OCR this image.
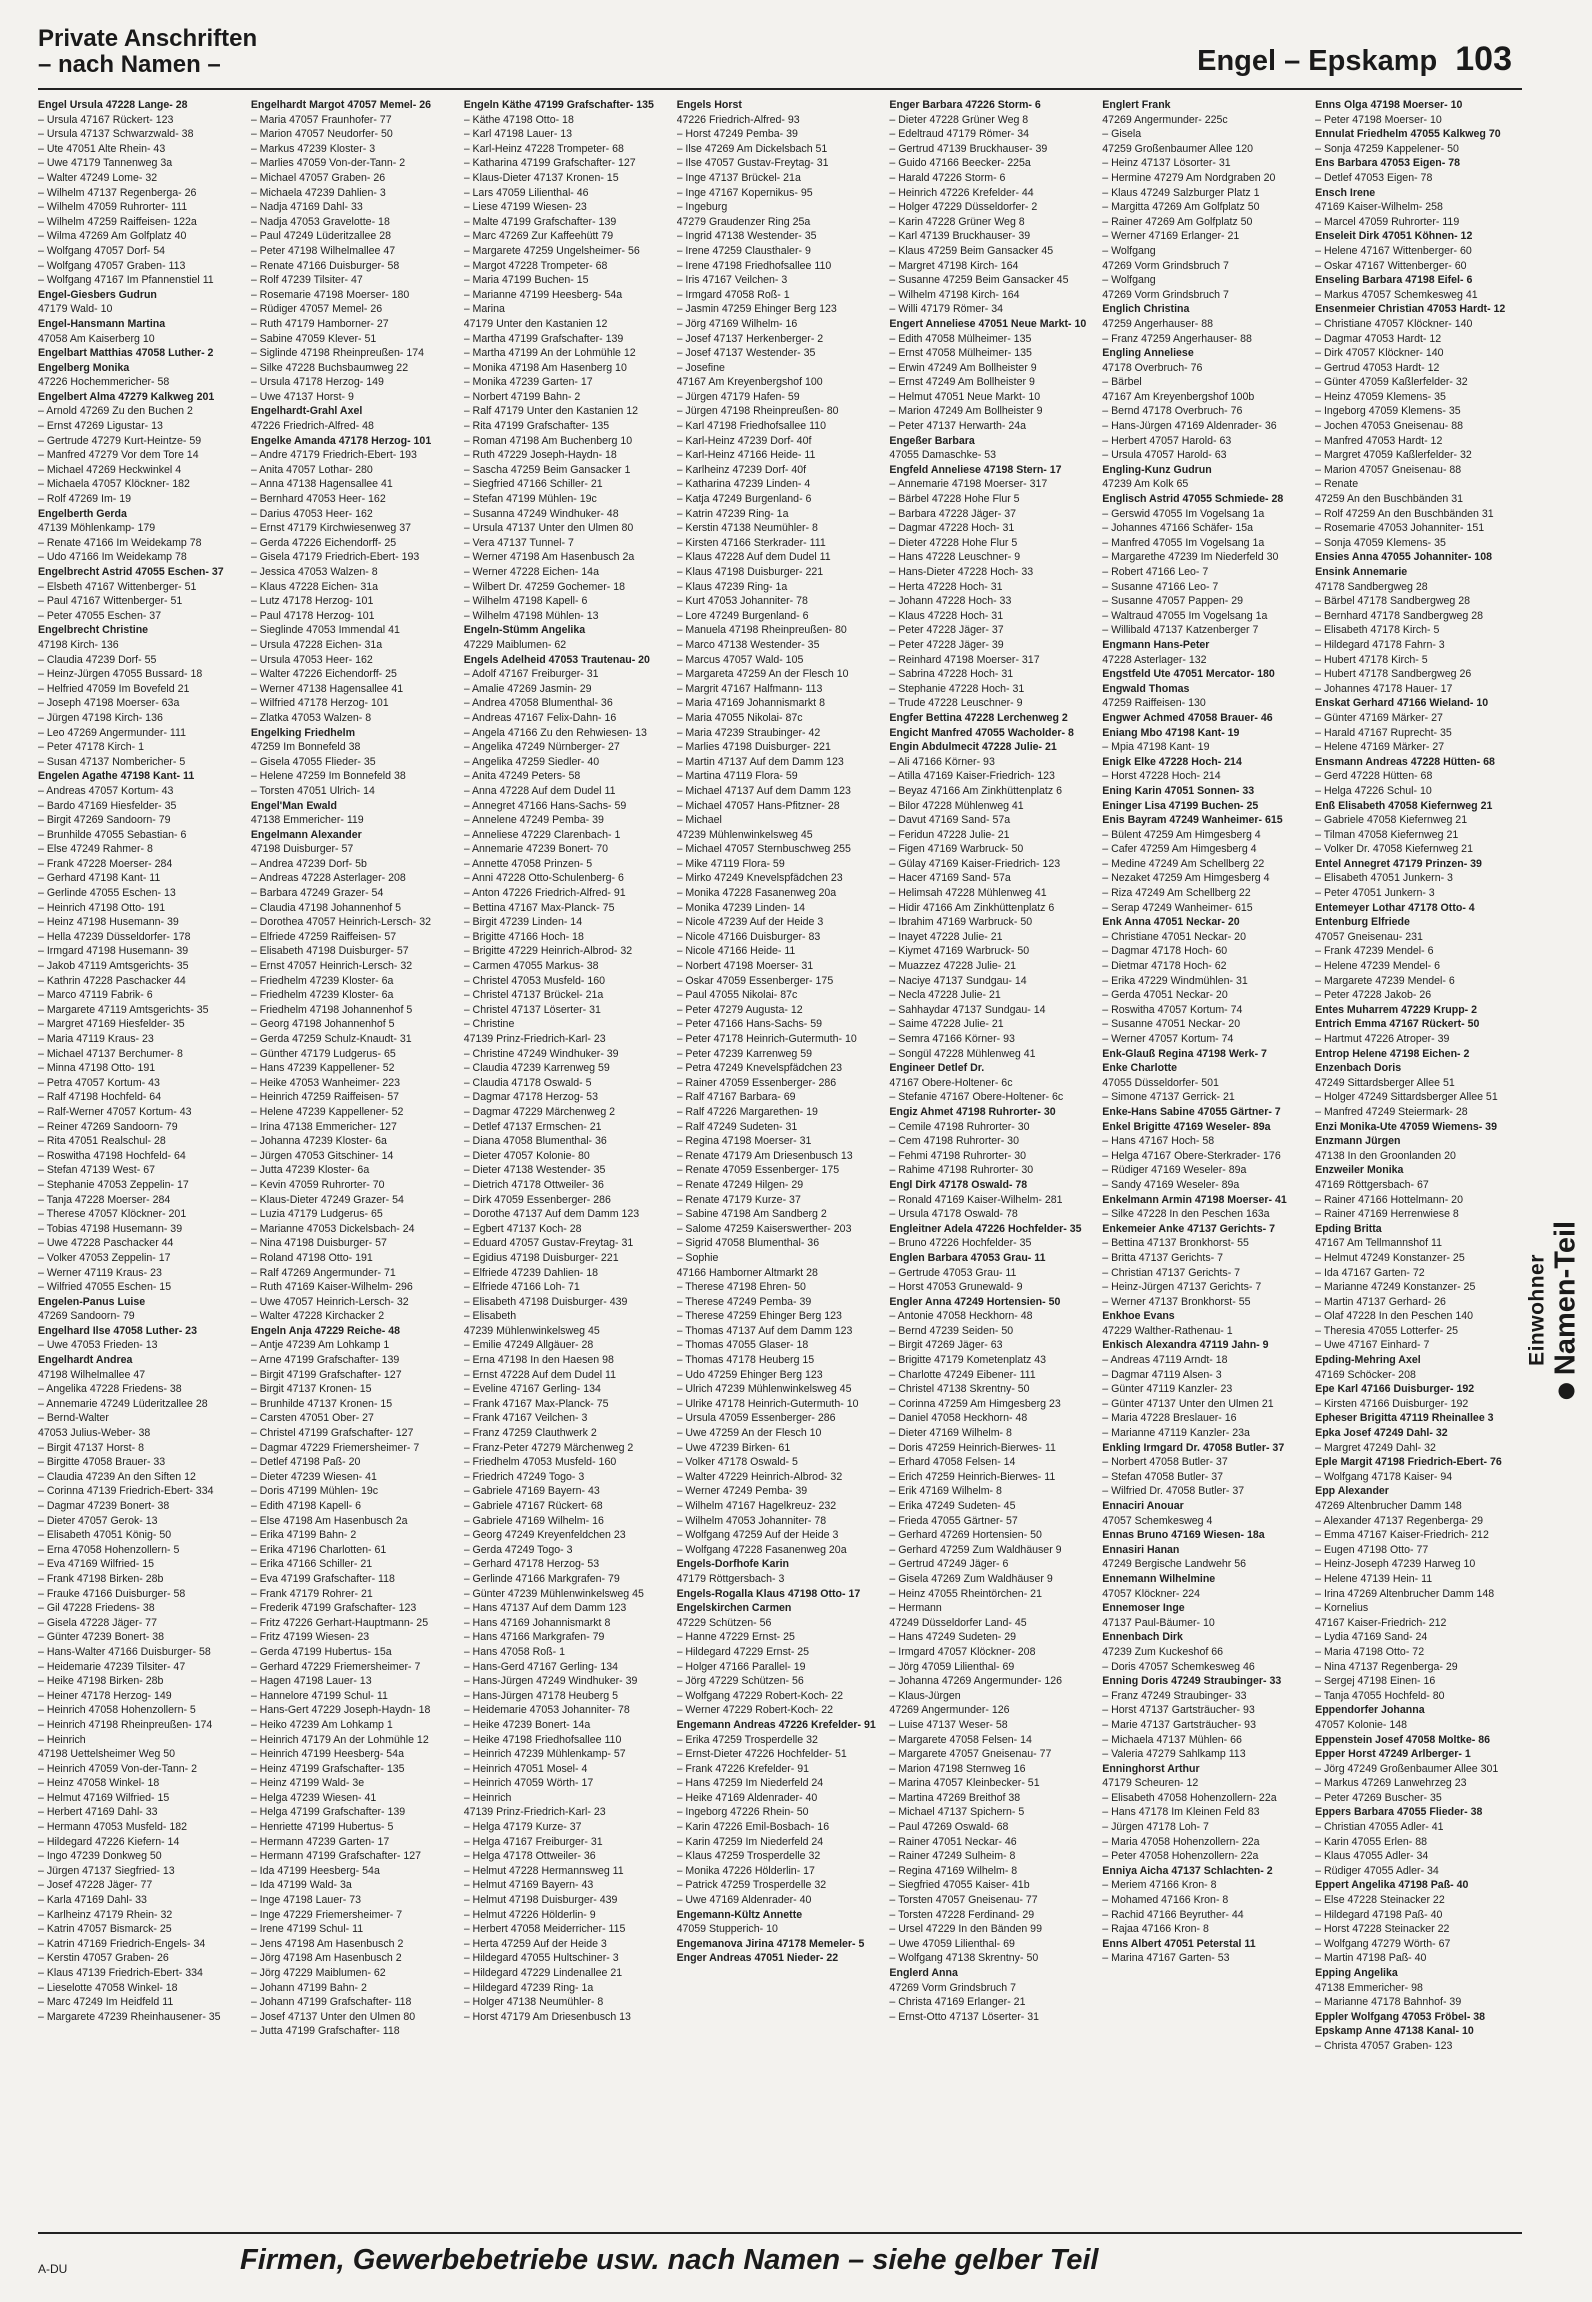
Private Anschriften
– nach Namen –	Engel – Epskamp 103
Engel Ursula 47228 Lange- 28
– Ursula 47167 Rückert- 123
– Ursula 47137 Schwarzwald- 38
– Ute 47051 Alte Rhein- 43
– Uwe 47179 Tannenweg 3a
– Walter 47249 Lome- 32
– Wilhelm 47137 Regenberga- 26
– Wilhelm 47059 Ruhrorter- 111
– Wilhelm 47259 Raiffeisen- 122a
– Wilma 47269 Am Golfplatz 40
– Wolfgang 47057 Dorf- 54
– Wolfgang 47057 Graben- 113
– Wolfgang 47167 Im Pfannenstiel 11
Engel-Giesbers Gudrun
47179 Wald- 10
Engel-Hansmann Martina
47058 Am Kaiserberg 10
Engelbart Matthias 47058 Luther- 2
Engelberg Monika
47226 Hochemmericher- 58
Engelbert Alma 47279 Kalkweg 201
– Arnold 47269 Zu den Buchen 2
– Ernst 47269 Ligustar- 13
– Gertrude 47279 Kurt-Heintze- 59
– Manfred 47279 Vor dem Tore 14
– Michael 47269 Heckwinkel 4
– Michaela 47057 Klöckner- 182
– Rolf 47269 Im- 19
Engelberth Gerda
47139 Möhlenkamp- 179
– Renate 47166 Im Weidekamp 78
– Udo 47166 Im Weidekamp 78
Engelbrecht Astrid 47055 Eschen- 37
– Elsbeth 47167 Wittenberger- 51
– Paul 47167 Wittenberger- 51
– Peter 47055 Eschen- 37
Engelbrecht Christine
47198 Kirch- 136
– Claudia 47239 Dorf- 55
– Heinz-Jürgen 47055 Bussard- 18
– Helfried 47059 Im Bovefeld 21
– Joseph 47198 Moerser- 63a
– Jürgen 47198 Kirch- 136
– Leo 47269 Angermunder- 111
– Peter 47178 Kirch- 1
– Susan 47137 Nombericher- 5
Engelen Agathe 47198 Kant- 11
– Andreas 47057 Kortum- 43
– Bardo 47169 Hiesfelder- 35
– Birgit 47269 Sandoorn- 79
– Brunhilde 47055 Sebastian- 6
– Else 47249 Rahmer- 8
– Frank 47228 Moerser- 284
– Gerhard 47198 Kant- 11
– Gerlinde 47055 Eschen- 13
– Heinrich 47198 Otto- 191
– Heinz 47198 Husemann- 39
– Hella 47239 Düsseldorfer- 178
– Irmgard 47198 Husemann- 39
– Jakob 47119 Amtsgerichts- 35
– Kathrin 47228 Paschacker 44
– Marco 47119 Fabrik- 6
– Margarete 47119 Amtsgerichts- 35
– Margret 47169 Hiesfelder- 35
– Maria 47119 Kraus- 23
– Michael 47137 Berchumer- 8
– Minna 47198 Otto- 191
– Petra 47057 Kortum- 43
– Ralf 47198 Hochfeld- 64
– Ralf-Werner 47057 Kortum- 43
– Reiner 47269 Sandoorn- 79
– Rita 47051 Realschul- 28
– Roswitha 47198 Hochfeld- 64
– Stefan 47139 West- 67
– Stephanie 47053 Zeppelin- 17
– Tanja 47228 Moerser- 284
– Therese 47057 Klöckner- 201
– Tobias 47198 Husemann- 39
– Uwe 47228 Paschacker 44
– Volker 47053 Zeppelin- 17
– Werner 47119 Kraus- 23
– Wilfried 47055 Eschen- 15
Engelen-Panus Luise
47269 Sandoorn- 79
Engelhard Ilse 47058 Luther- 23
– Uwe 47053 Frieden- 13
Engelhardt Andrea
47198 Wilhelmallee 47
– Angelika 47228 Friedens- 38
– Annemarie 47249 Lüderitzallee 28
– Bernd-Walter
47053 Julius-Weber- 38
– Birgit 47137 Horst- 8
– Birgitte 47058 Brauer- 33
– Claudia 47239 An den Siften 12
– Corinna 47139 Friedrich-Ebert- 334
– Dagmar 47239 Bonert- 38
– Dieter 47057 Gerok- 13
– Elisabeth 47051 König- 50
– Erna 47058 Hohenzollern- 5
– Eva 47169 Wilfried- 15
– Frank 47198 Birken- 28b
– Frauke 47166 Duisburger- 58
– Gil 47228 Friedens- 38
– Gisela 47228 Jäger- 77
– Günter 47239 Bonert- 38
– Hans-Walter 47166 Duisburger- 58
– Heidemarie 47239 Tilsiter- 47
– Heike 47198 Birken- 28b
– Heiner 47178 Herzog- 149
– Heinrich 47058 Hohenzollern- 5
– Heinrich 47198 Rheinpreußen- 174
– Heinrich
47198 Uettelsheimer Weg 50
– Heinrich 47059 Von-der-Tann- 2
– Heinz 47058 Winkel- 18
– Helmut 47169 Wilfried- 15
– Herbert 47169 Dahl- 33
– Hermann 47053 Musfeld- 182
– Hildegard 47226 Kiefern- 14
– Ingo 47239 Donkweg 50
– Jürgen 47137 Siegfried- 13
– Josef 47228 Jäger- 77
– Karla 47169 Dahl- 33
– Karlheinz 47179 Rhein- 32
– Katrin 47057 Bismarck- 25
– Katrin 47169 Friedrich-Engels- 34
– Kerstin 47057 Graben- 26
– Klaus 47139 Friedrich-Ebert- 334
– Lieselotte 47058 Winkel- 18
– Marc 47249 Im Heidfeld 11
– Margarete 47239 Rheinhausener- 35
Engelhardt Margot 47057 Memel- 26
– Maria 47057 Fraunhofer- 77
– Marion 47057 Neudorfer- 50
– Markus 47239 Kloster- 3
– Marlies 47059 Von-der-Tann- 2
– Michael 47057 Graben- 26
– Michaela 47239 Dahlien- 3
– Nadja 47169 Dahl- 33
– Nadja 47053 Gravelotte- 18
– Paul 47249 Lüderitzallee 28
– Peter 47198 Wilhelmallee 47
– Renate 47166 Duisburger- 58
– Rolf 47239 Tilsiter- 47
– Rosemarie 47198 Moerser- 180
– Rüdiger 47057 Memel- 26
– Ruth 47179 Hamborner- 27
– Sabine 47059 Klever- 51
– Siglinde 47198 Rheinpreußen- 174
– Silke 47228 Buchsbaumweg 22
– Ursula 47178 Herzog- 149
– Uwe 47137 Horst- 9
Engelhardt-Grahl Axel
47226 Friedrich-Alfred- 48
Engelke Amanda 47178 Herzog- 101
– Andre 47179 Friedrich-Ebert- 193
– Anita 47057 Lothar- 280
– Anna 47138 Hagensallee 41
– Bernhard 47053 Heer- 162
– Darius 47053 Heer- 162
– Ernst 47179 Kirchwiesenweg 37
– Gerda 47226 Eichendorff- 25
– Gisela 47179 Friedrich-Ebert- 193
– Jessica 47053 Walzen- 8
– Klaus 47228 Eichen- 31a
– Lutz 47178 Herzog- 101
– Paul 47178 Herzog- 101
– Sieglinde 47053 Immendal 41
– Ursula 47228 Eichen- 31a
– Ursula 47053 Heer- 162
– Walter 47226 Eichendorff- 25
– Werner 47138 Hagensallee 41
– Wilfried 47178 Herzog- 101
– Zlatka 47053 Walzen- 8
Engelking Friedhelm
47259 Im Bonnefeld 38
– Gisela 47055 Flieder- 35
– Helene 47259 Im Bonnefeld 38
– Torsten 47051 Ulrich- 14
Engel'Man Ewald
47138 Emmericher- 119
Engelmann Alexander
47198 Duisburger- 57
– Andrea 47239 Dorf- 5b
– Andreas 47228 Asterlager- 208
– Barbara 47249 Grazer- 54
– Claudia 47198 Johannenhof 5
– Dorothea 47057 Heinrich-Lersch- 32
– Elfriede 47259 Raiffeisen- 57
– Elisabeth 47198 Duisburger- 57
– Ernst 47057 Heinrich-Lersch- 32
– Friedhelm 47239 Kloster- 6a
– Friedhelm 47239 Kloster- 6a
– Friedhelm 47198 Johannenhof 5
– Georg 47198 Johannenhof 5
– Gerda 47259 Schulz-Knaudt- 31
– Günther 47179 Ludgerus- 65
– Hans 47239 Kappellener- 52
– Heike 47053 Wanheimer- 223
– Heinrich 47259 Raiffeisen- 57
– Helene 47239 Kappellener- 52
– Irina 47138 Emmericher- 127
– Johanna 47239 Kloster- 6a
– Jürgen 47053 Gitschiner- 14
– Jutta 47239 Kloster- 6a
– Kevin 47059 Ruhrorter- 70
– Klaus-Dieter 47249 Grazer- 54
– Luzia 47179 Ludgerus- 65
– Marianne 47053 Dickelsbach- 24
– Nina 47198 Duisburger- 57
– Roland 47198 Otto- 191
– Ralf 47269 Angermunder- 71
– Ruth 47169 Kaiser-Wilhelm- 296
– Uwe 47057 Heinrich-Lersch- 32
– Walter 47228 Kirchacker 2
Engeln Anja 47229 Reiche- 48
– Antje 47239 Am Lohkamp 1
– Arne 47199 Grafschafter- 139
– Birgit 47199 Grafschafter- 127
– Birgit 47137 Kronen- 15
– Brunhilde 47137 Kronen- 15
– Carsten 47051 Ober- 27
– Christel 47199 Grafschafter- 127
– Dagmar 47229 Friemersheimer- 7
– Detlef 47198 Paß- 20
– Dieter 47239 Wiesen- 41
– Doris 47199 Mühlen- 19c
– Edith 47198 Kapell- 6
– Else 47198 Am Hasenbusch 2a
– Erika 47199 Bahn- 2
– Erika 47196 Charlotten- 61
– Erika 47166 Schiller- 21
– Eva 47199 Grafschafter- 118
– Frank 47179 Rohrer- 21
– Frederik 47199 Grafschafter- 123
– Fritz 47226 Gerhart-Hauptmann- 25
– Fritz 47199 Wiesen- 23
– Gerda 47199 Hubertus- 15a
– Gerhard 47229 Friemersheimer- 7
– Hagen 47198 Lauer- 13
– Hannelore 47199 Schul- 11
– Hans-Gert 47229 Joseph-Haydn- 18
– Heiko 47239 Am Lohkamp 1
– Heinrich 47179 An der Lohmühle 12
– Heinrich 47199 Heesberg- 54a
– Heinz 47199 Grafschafter- 135
– Heinz 47199 Wald- 3e
– Helga 47239 Wiesen- 41
– Helga 47199 Grafschafter- 139
– Henriette 47199 Hubertus- 5
– Hermann 47239 Garten- 17
– Hermann 47199 Grafschafter- 127
– Ida 47199 Heesberg- 54a
– Ida 47199 Wald- 3a
– Inge 47198 Lauer- 73
– Inge 47229 Friemersheimer- 7
– Irene 47199 Schul- 11
– Jens 47198 Am Hasenbusch 2
– Jörg 47198 Am Hasenbusch 2
– Jörg 47229 Maiblumen- 62
– Johann 47199 Bahn- 2
– Johann 47199 Grafschafter- 118
– Josef 47137 Unter den Ulmen 80
– Jutta 47199 Grafschafter- 118
Engeln Käthe 47199 Grafschafter- 135
– Käthe 47198 Otto- 18
– Karl 47198 Lauer- 13
– Karl-Heinz 47228 Trompeter- 68
– Katharina 47199 Grafschafter- 127
– Klaus-Dieter 47137 Kronen- 15
– Lars 47059 Lilienthal- 46
– Liese 47199 Wiesen- 23
– Malte 47199 Grafschafter- 139
– Marc 47269 Zur Kaffeehütt 79
– Margarete 47259 Ungelsheimer- 56
– Margot 47228 Trompeter- 68
– Maria 47199 Buchen- 15
– Marianne 47199 Heesberg- 54a
– Marina
47179 Unter den Kastanien 12
– Martha 47199 Grafschafter- 139
– Martha 47199 An der Lohmühle 12
– Monika 47198 Am Hasenberg 10
– Monika 47239 Garten- 17
– Norbert 47199 Bahn- 2
– Ralf 47179 Unter den Kastanien 12
– Rita 47199 Grafschafter- 135
– Roman 47198 Am Buchenberg 10
– Ruth 47229 Joseph-Haydn- 18
– Sascha 47259 Beim Gansacker 1
– Siegfried 47166 Schiller- 21
– Stefan 47199 Mühlen- 19c
– Susanna 47249 Windhuker- 48
– Ursula 47137 Unter den Ulmen 80
– Vera 47137 Tunnel- 7
– Werner 47198 Am Hasenbusch 2a
– Werner 47228 Eichen- 14a
– Wilbert Dr. 47259 Gochemer- 18
– Wilhelm 47198 Kapell- 6
– Wilhelm 47198 Mühlen- 13
Engeln-Stümm Angelika
47229 Maiblumen- 62
Engels Adelheid 47053 Trautenau- 20
– Adolf 47167 Freiburger- 31
– Amalie 47269 Jasmin- 29
– Andrea 47058 Blumenthal- 36
– Andreas 47167 Felix-Dahn- 16
– Angela 47166 Zu den Rehwiesen- 13
– Angelika 47249 Nürnberger- 27
– Angelika 47259 Siedler- 40
– Anita 47249 Peters- 58
– Anna 47228 Auf dem Dudel 11
– Annegret 47166 Hans-Sachs- 59
– Annelene 47249 Pemba- 39
– Anneliese 47229 Clarenbach- 1
– Annemarie 47239 Bonert- 70
– Annette 47058 Prinzen- 5
– Anni 47228 Otto-Schulenberg- 6
– Anton 47226 Friedrich-Alfred- 91
– Bettina 47167 Max-Planck- 75
– Birgit 47239 Linden- 14
– Brigitte 47166 Hoch- 18
– Brigitte 47229 Heinrich-Albrod- 32
– Carmen 47055 Markus- 38
– Christel 47053 Musfeld- 160
– Christel 47137 Brückel- 21a
– Christel 47137 Löserter- 31
– Christine
47139 Prinz-Friedrich-Karl- 23
– Christine 47249 Windhuker- 39
– Claudia 47239 Karrenweg 59
– Claudia 47178 Oswald- 5
– Dagmar 47178 Herzog- 53
– Dagmar 47229 Märchenweg 2
– Detlef 47137 Ermschen- 21
– Diana 47058 Blumenthal- 36
– Dieter 47057 Kolonie- 80
– Dieter 47138 Westender- 35
– Dietrich 47178 Ottweiler- 36
– Dirk 47059 Essenberger- 286
– Dorothe 47137 Auf dem Damm 123
– Egbert 47137 Koch- 28
– Eduard 47057 Gustav-Freytag- 31
– Egidius 47198 Duisburger- 221
– Elfriede 47239 Dahlien- 18
– Elfriede 47166 Loh- 71
– Elisabeth 47198 Duisburger- 439
– Elisabeth
47239 Mühlenwinkelsweg 45
– Emilie 47249 Allgäuer- 28
– Erna 47198 In den Haesen 98
– Ernst 47228 Auf dem Dudel 11
– Eveline 47167 Gerling- 134
– Frank 47167 Max-Planck- 75
– Frank 47167 Veilchen- 3
– Franz 47259 Clauthwerk 2
– Franz-Peter 47279 Märchenweg 2
– Friedhelm 47053 Musfeld- 160
– Friedrich 47249 Togo- 3
– Gabriele 47169 Bayern- 43
– Gabriele 47167 Rückert- 68
– Gabriele 47169 Wilhelm- 16
– Georg 47249 Kreyenfeldchen 23
– Gerda 47249 Togo- 3
– Gerhard 47178 Herzog- 53
– Gerlinde 47166 Markgrafen- 79
– Günter 47239 Mühlenwinkelsweg 45
– Hans 47137 Auf dem Damm 123
– Hans 47169 Johannismarkt 8
– Hans 47166 Markgrafen- 79
– Hans 47058 Roß- 1
– Hans-Gerd 47167 Gerling- 134
– Hans-Jürgen 47249 Windhuker- 39
– Hans-Jürgen 47178 Heuberg 5
– Heidemarie 47053 Johanniter- 78
– Heike 47239 Bonert- 14a
– Heike 47198 Friedhofsallee 110
– Heinrich 47239 Mühlenkamp- 57
– Heinrich 47051 Mosel- 4
– Heinrich 47059 Wörth- 17
– Heinrich
47139 Prinz-Friedrich-Karl- 23
– Helga 47179 Kurze- 37
– Helga 47167 Freiburger- 31
– Helga 47178 Ottweiler- 36
– Helmut 47228 Hermannsweg 11
– Helmut 47169 Bayern- 43
– Helmut 47198 Duisburger- 439
– Helmut 47226 Hölderlin- 9
– Herbert 47058 Meiderricher- 115
– Herta 47259 Auf der Heide 3
– Hildegard 47055 Hultschiner- 3
– Hildegard 47229 Lindenallee 21
– Hildegard 47239 Ring- 1a
– Holger 47138 Neumühler- 8
– Horst 47179 Am Driesenbusch 13
Engels Horst
47226 Friedrich-Alfred- 93
– Horst 47249 Pemba- 39
– Ilse 47269 Am Dickelsbach 51
– Ilse 47057 Gustav-Freytag- 31
– Inge 47137 Brückel- 21a
– Inge 47167 Kopernikus- 95
– Ingeburg
47279 Graudenzer Ring 25a
– Ingrid 47138 Westender- 35
– Irene 47259 Clausthaler- 9
– Irene 47198 Friedhofsallee 110
– Iris 47167 Veilchen- 3
– Irmgard 47058 Roß- 1
– Jasmin 47259 Ehinger Berg 123
– Jörg 47169 Wilhelm- 16
– Josef 47137 Herkenberger- 2
– Josef 47137 Westender- 35
– Josefine
47167 Am Kreyenbergshof 100
– Jürgen 47179 Hafen- 59
– Jürgen 47198 Rheinpreußen- 80
– Karl 47198 Friedhofsallee 110
– Karl-Heinz 47239 Dorf- 40f
– Karl-Heinz 47166 Heide- 11
– Karlheinz 47239 Dorf- 40f
– Katharina 47239 Linden- 4
– Katja 47249 Burgenland- 6
– Katrin 47239 Ring- 1a
– Kerstin 47138 Neumühler- 8
– Kirsten 47166 Sterkrader- 111
– Klaus 47228 Auf dem Dudel 11
– Klaus 47198 Duisburger- 221
– Klaus 47239 Ring- 1a
– Kurt 47053 Johanniter- 78
– Lore 47249 Burgenland- 6
– Manuela 47198 Rheinpreußen- 80
– Marco 47138 Westender- 35
– Marcus 47057 Wald- 105
– Margareta 47259 An der Flesch 10
– Margrit 47167 Halfmann- 113
– Maria 47169 Johannismarkt 8
– Maria 47055 Nikolai- 87c
– Maria 47239 Straubinger- 42
– Marlies 47198 Duisburger- 221
– Martin 47137 Auf dem Damm 123
– Martina 47119 Flora- 59
– Michael 47137 Auf dem Damm 123
– Michael 47057 Hans-Pfitzner- 28
– Michael
47239 Mühlenwinkelsweg 45
– Michael 47057 Sternbuschweg 255
– Mike 47119 Flora- 59
– Mirko 47249 Knevelspfädchen 23
– Monika 47228 Fasanenweg 20a
– Monika 47239 Linden- 14
– Nicole 47239 Auf der Heide 3
– Nicole 47166 Duisburger- 83
– Nicole 47166 Heide- 11
– Norbert 47198 Moerser- 31
– Oskar 47059 Essenberger- 175
– Paul 47055 Nikolai- 87c
– Peter 47279 Augusta- 12
– Peter 47166 Hans-Sachs- 59
– Peter 47178 Heinrich-Gutermuth- 10
– Peter 47239 Karrenweg 59
– Petra 47249 Knevelspfädchen 23
– Rainer 47059 Essenberger- 286
– Ralf 47167 Barbara- 69
– Ralf 47226 Margarethen- 19
– Ralf 47249 Sudeten- 31
– Regina 47198 Moerser- 31
– Renate 47179 Am Driesenbusch 13
– Renate 47059 Essenberger- 175
– Renate 47249 Hilgen- 29
– Renate 47179 Kurze- 37
– Sabine 47198 Am Sandberg 2
– Salome 47259 Kaiserswerther- 203
– Sigrid 47058 Blumenthal- 36
– Sophie
47166 Hamborner Altmarkt 28
– Therese 47198 Ehren- 50
– Therese 47249 Pemba- 39
– Therese 47259 Ehinger Berg 123
– Thomas 47137 Auf dem Damm 123
– Thomas 47055 Glaser- 18
– Thomas 47178 Heuberg 15
– Udo 47259 Ehinger Berg 123
– Ulrich 47239 Mühlenwinkelsweg 45
– Ulrike 47178 Heinrich-Gutermuth- 10
– Ursula 47059 Essenberger- 286
– Uwe 47259 An der Flesch 10
– Uwe 47239 Birken- 61
– Volker 47178 Oswald- 5
– Walter 47229 Heinrich-Albrod- 32
– Werner 47249 Pemba- 39
– Wilhelm 47167 Hagelkreuz- 232
– Wilhelm 47053 Johanniter- 78
– Wolfgang 47259 Auf der Heide 3
– Wolfgang 47228 Fasanenweg 20a
Engels-Dorfhofe Karin
47179 Röttgersbach- 3
Engels-Rogalla Klaus 47198 Otto- 17
Engelskirchen Carmen
47229 Schützen- 56
– Hanne 47229 Ernst- 25
– Hildegard 47229 Ernst- 25
– Holger 47166 Parallel- 19
– Jörg 47229 Schützen- 56
– Wolfgang 47229 Robert-Koch- 22
– Werner 47229 Robert-Koch- 22
Engemann Andreas 47226 Krefelder- 91
– Erika 47259 Trosperdelle 32
– Ernst-Dieter 47226 Hochfelder- 51
– Frank 47226 Krefelder- 91
– Hans 47259 Im Niederfeld 24
– Heike 47169 Aldenrader- 40
– Ingeborg 47226 Rhein- 50
– Karin 47226 Emil-Bosbach- 16
– Karin 47259 Im Niederfeld 24
– Klaus 47259 Trosperdelle 32
– Monika 47226 Hölderlin- 17
– Patrick 47259 Trosperdelle 32
– Uwe 47169 Aldenrader- 40
Engemann-Kültz Annette
47059 Stupperich- 10
Engemanova Jirina 47178 Memeler- 5
Enger Andreas 47051 Nieder- 22
Enger Barbara 47226 Storm- 6
– Dieter 47228 Grüner Weg 8
– Edeltraud 47179 Römer- 34
– Gertrud 47139 Bruckhauser- 39
– Guido 47166 Beecker- 225a
– Harald 47226 Storm- 6
– Heinrich 47226 Krefelder- 44
– Holger 47229 Düsseldorfer- 2
– Karin 47228 Grüner Weg 8
– Karl 47139 Bruckhauser- 39
– Klaus 47259 Beim Gansacker 45
– Margret 47198 Kirch- 164
– Susanne 47259 Beim Gansacker 45
– Wilhelm 47198 Kirch- 164
– Willi 47179 Römer- 34
Engert Anneliese 47051 Neue Markt- 10
– Edith 47058 Mülheimer- 135
– Ernst 47058 Mülheimer- 135
– Erwin 47249 Am Bollheister 9
– Ernst 47249 Am Bollheister 9
– Helmut 47051 Neue Markt- 10
– Marion 47249 Am Bollheister 9
– Peter 47137 Herwarth- 24a
Engeßer Barbara
47055 Damaschke- 53
Engfeld Anneliese 47198 Stern- 17
– Annemarie 47198 Moerser- 317
– Bärbel 47228 Hohe Flur 5
– Barbara 47228 Jäger- 37
– Dagmar 47228 Hoch- 31
– Dieter 47228 Hohe Flur 5
– Hans 47228 Leuschner- 9
– Hans-Dieter 47228 Hoch- 33
– Herta 47228 Hoch- 31
– Johann 47228 Hoch- 33
– Klaus 47228 Hoch- 31
– Peter 47228 Jäger- 37
– Peter 47228 Jäger- 39
– Reinhard 47198 Moerser- 317
– Sabrina 47228 Hoch- 31
– Stephanie 47228 Hoch- 31
– Trude 47228 Leuschner- 9
Engfer Bettina 47228 Lerchenweg 2
Engicht Manfred 47055 Wacholder- 8
Engin Abdulmecit 47228 Julie- 21
– Ali 47166 Körner- 93
– Atilla 47169 Kaiser-Friedrich- 123
– Beyaz 47166 Am Zinkhüttenplatz 6
– Bilor 47228 Mühlenweg 41
– Davut 47169 Sand- 57a
– Feridun 47228 Julie- 21
– Figen 47169 Warbruck- 50
– Gülay 47169 Kaiser-Friedrich- 123
– Hacer 47169 Sand- 57a
– Helimsah 47228 Mühlenweg 41
– Hidir 47166 Am Zinkhüttenplatz 6
– Ibrahim 47169 Warbruck- 50
– Inayet 47228 Julie- 21
– Kiymet 47169 Warbruck- 50
– Muazzez 47228 Julie- 21
– Naciye 47137 Sundgau- 14
– Necla 47228 Julie- 21
– Sahhaydar 47137 Sundgau- 14
– Saime 47228 Julie- 21
– Semra 47166 Körner- 93
– Songül 47228 Mühlenweg 41
Engineer Detlef Dr.
47167 Obere-Holtener- 6c
– Stefanie 47167 Obere-Holtener- 6c
Engiz Ahmet 47198 Ruhrorter- 30
– Cemile 47198 Ruhrorter- 30
– Cem 47198 Ruhrorter- 30
– Fehmi 47198 Ruhrorter- 30
– Rahime 47198 Ruhrorter- 30
Engl Dirk 47178 Oswald- 78
– Ronald 47169 Kaiser-Wilhelm- 281
– Ursula 47178 Oswald- 78
Engleitner Adela 47226 Hochfelder- 35
– Bruno 47226 Hochfelder- 35
Englen Barbara 47053 Grau- 11
– Gertrude 47053 Grau- 11
– Horst 47053 Grunewald- 9
Engler Anna 47249 Hortensien- 50
– Antonie 47058 Heckhorn- 48
– Bernd 47239 Seiden- 50
– Birgit 47269 Jäger- 63
– Brigitte 47179 Kometenplatz 43
– Charlotte 47249 Eibener- 111
– Christel 47138 Skrentny- 50
– Corinna 47259 Am Himgesberg 23
– Daniel 47058 Heckhorn- 48
– Dieter 47169 Wilhelm- 8
– Doris 47259 Heinrich-Bierwes- 11
– Erhard 47058 Felsen- 14
– Erich 47259 Heinrich-Bierwes- 11
– Erik 47169 Wilhelm- 8
– Erika 47249 Sudeten- 45
– Frieda 47055 Gärtner- 57
– Gerhard 47269 Hortensien- 50
– Gerhard 47259 Zum Waldhäuser 9
– Gertrud 47249 Jäger- 6
– Gisela 47269 Zum Waldhäuser 9
– Heinz 47055 Rheintörchen- 21
– Hermann
47249 Düsseldorfer Land- 45
– Hans 47249 Sudeten- 29
– Irmgard 47057 Klöckner- 208
– Jörg 47059 Lilienthal- 69
– Johanna 47269 Angermunder- 126
– Klaus-Jürgen
47269 Angermunder- 126
– Luise 47137 Weser- 58
– Margarete 47058 Felsen- 14
– Margarete 47057 Gneisenau- 77
– Marion 47198 Sternweg 16
– Marina 47057 Kleinbecker- 51
– Martina 47269 Breithof 38
– Michael 47137 Spichern- 5
– Paul 47269 Oswald- 68
– Rainer 47051 Neckar- 46
– Rainer 47249 Sulheim- 8
– Regina 47169 Wilhelm- 8
– Siegfried 47055 Kaiser- 41b
– Torsten 47057 Gneisenau- 77
– Torsten 47228 Ferdinand- 29
– Ursel 47229 In den Bänden 99
– Uwe 47059 Lilienthal- 69
– Wolfgang 47138 Skrentny- 50
Englerd Anna
47269 Vorm Grindsbruch 7
– Christa 47169 Erlanger- 21
– Ernst-Otto 47137 Löserter- 31
Englert Frank
47269 Angermunder- 225c
– Gisela
47259 Großenbaumer Allee 120
– Heinz 47137 Lösorter- 31
– Hermine 47279 Am Nordgraben 20
– Klaus 47249 Salzburger Platz 1
– Margitta 47269 Am Golfplatz 50
– Rainer 47269 Am Golfplatz 50
– Werner 47169 Erlanger- 21
– Wolfgang
47269 Vorm Grindsbruch 7
– Wolfgang
47269 Vorm Grindsbruch 7
Englich Christina
47259 Angerhauser- 88
– Franz 47259 Angerhauser- 88
Engling Anneliese
47178 Overbruch- 76
– Bärbel
47167 Am Kreyenbergshof 100b
– Bernd 47178 Overbruch- 76
– Hans-Jürgen 47169 Aldenrader- 36
– Herbert 47057 Harold- 63
– Ursula 47057 Harold- 63
Engling-Kunz Gudrun
47239 Am Kolk 65
Englisch Astrid 47055 Schmiede- 28
– Gerswid 47055 Im Vogelsang 1a
– Johannes 47166 Schäfer- 15a
– Manfred 47055 Im Vogelsang 1a
– Margarethe 47239 Im Niederfeld 30
– Robert 47166 Leo- 7
– Susanne 47166 Leo- 7
– Susanne 47057 Pappen- 29
– Waltraud 47055 Im Vogelsang 1a
– Willibald 47137 Katzenberger 7
Engmann Hans-Peter
47228 Asterlager- 132
Engstfeld Ute 47051 Mercator- 180
Engwald Thomas
47259 Raiffeisen- 130
Engwer Achmed 47058 Brauer- 46
Eniang Mbo 47198 Kant- 19
– Mpia 47198 Kant- 19
Enigk Elke 47228 Hoch- 214
– Horst 47228 Hoch- 214
Ening Karin 47051 Sonnen- 33
Eninger Lisa 47199 Buchen- 25
Enis Bayram 47249 Wanheimer- 615
– Bülent 47259 Am Himgesberg 4
– Cafer 47259 Am Himgesberg 4
– Medine 47249 Am Schellberg 22
– Nezaket 47259 Am Himgesberg 4
– Riza 47249 Am Schellberg 22
– Serap 47249 Wanheimer- 615
Enk Anna 47051 Neckar- 20
– Christiane 47051 Neckar- 20
– Dagmar 47178 Hoch- 60
– Dietmar 47178 Hoch- 62
– Erika 47229 Windmühlen- 31
– Gerda 47051 Neckar- 20
– Roswitha 47057 Kortum- 74
– Susanne 47051 Neckar- 20
– Werner 47057 Kortum- 74
Enk-Glauß Regina 47198 Werk- 7
Enke Charlotte
47055 Düsseldorfer- 501
– Simone 47137 Gerrick- 21
Enke-Hans Sabine 47055 Gärtner- 7
Enkel Brigitte 47169 Weseler- 89a
– Hans 47167 Hoch- 58
– Helga 47167 Obere-Sterkrader- 176
– Rüdiger 47169 Weseler- 89a
– Sandy 47169 Weseler- 89a
Enkelmann Armin 47198 Moerser- 41
– Silke 47228 In den Peschen 163a
Enkemeier Anke 47137 Gerichts- 7
– Bettina 47137 Bronkhorst- 55
– Britta 47137 Gerichts- 7
– Christian 47137 Gerichts- 7
– Heinz-Jürgen 47137 Gerichts- 7
– Werner 47137 Bronkhorst- 55
Enkhoe Evans
47229 Walther-Rathenau- 1
Enkisch Alexandra 47119 Jahn- 9
– Andreas 47119 Arndt- 18
– Dagmar 47119 Alsen- 3
– Günter 47119 Kanzler- 23
– Günter 47137 Unter den Ulmen 21
– Maria 47228 Breslauer- 16
– Marianne 47119 Kanzler- 23a
Enkling Irmgard Dr. 47058 Butler- 37
– Norbert 47058 Butler- 37
– Stefan 47058 Butler- 37
– Wilfried Dr. 47058 Butler- 37
Ennaciri Anouar
47057 Schemkesweg 4
Ennas Bruno 47169 Wiesen- 18a
Ennasiri Hanan
47249 Bergische Landwehr 56
Ennemann Wilhelmine
47057 Klöckner- 224
Ennemoser Inge
47137 Paul-Bäumer- 10
Ennenbach Dirk
47239 Zum Kuckeshof 66
– Doris 47057 Schemkesweg 46
Enning Doris 47249 Straubinger- 33
– Franz 47249 Straubinger- 33
– Horst 47137 Gartsträucher- 93
– Marie 47137 Gartsträucher- 93
– Michaela 47137 Mühlen- 66
– Valeria 47279 Sahlkamp 113
Enninghorst Arthur
47179 Scheuren- 12
– Elisabeth 47058 Hohenzollern- 22a
– Hans 47178 Im Kleinen Feld 83
– Jürgen 47178 Loh- 7
– Maria 47058 Hohenzollern- 22a
– Peter 47058 Hohenzollern- 22a
Enniya Aicha 47137 Schlachten- 2
– Meriem 47166 Kron- 8
– Mohamed 47166 Kron- 8
– Rachid 47166 Beyruther- 44
– Rajaa 47166 Kron- 8
Enns Albert 47051 Peterstal 11
– Marina 47167 Garten- 53
Enns Olga 47198 Moerser- 10
– Peter 47198 Moerser- 10
Ennulat Friedhelm 47055 Kalkweg 70
– Sonja 47259 Kappelener- 50
Ens Barbara 47053 Eigen- 78
– Detlef 47053 Eigen- 78
Ensch Irene
47169 Kaiser-Wilhelm- 258
– Marcel 47059 Ruhrorter- 119
Enseleit Dirk 47051 Köhnen- 12
– Helene 47167 Wittenberger- 60
– Oskar 47167 Wittenberger- 60
Enseling Barbara 47198 Eifel- 6
– Markus 47057 Schemkesweg 41
Ensenmeier Christian 47053 Hardt- 12
– Christiane 47057 Klöckner- 140
– Dagmar 47053 Hardt- 12
– Dirk 47057 Klöckner- 140
– Gertrud 47053 Hardt- 12
– Günter 47059 Kaßlerfelder- 32
– Heinz 47059 Klemens- 35
– Ingeborg 47059 Klemens- 35
– Jochen 47053 Gneisenau- 88
– Manfred 47053 Hardt- 12
– Margret 47059 Kaßlerfelder- 32
– Marion 47057 Gneisenau- 88
– Renate
47259 An den Buschbänden 31
– Rolf 47259 An den Buschbänden 31
– Rosemarie 47053 Johanniter- 151
– Sonja 47059 Klemens- 35
Ensies Anna 47055 Johanniter- 108
Ensink Annemarie
47178 Sandbergweg 28
– Bärbel 47178 Sandbergweg 28
– Bernhard 47178 Sandbergweg 28
– Elisabeth 47178 Kirch- 5
– Hildegard 47178 Fahrn- 3
– Hubert 47178 Kirch- 5
– Hubert 47178 Sandbergweg 26
– Johannes 47178 Hauer- 17
Enskat Gerhard 47166 Wieland- 10
– Günter 47169 Märker- 27
– Harald 47167 Ruprecht- 35
– Helene 47169 Märker- 27
Ensmann Andreas 47228 Hütten- 68
– Gerd 47228 Hütten- 68
– Helga 47226 Schul- 10
Enß Elisabeth 47058 Kiefernweg 21
– Gabriele 47058 Kiefernweg 21
– Tilman 47058 Kiefernweg 21
– Volker Dr. 47058 Kiefernweg 21
Entel Annegret 47179 Prinzen- 39
– Elisabeth 47051 Junkern- 3
– Peter 47051 Junkern- 3
Entemeyer Lothar 47178 Otto- 4
Entenburg Elfriede
47057 Gneisenau- 231
– Frank 47239 Mendel- 6
– Helene 47239 Mendel- 6
– Margarete 47239 Mendel- 6
– Peter 47228 Jakob- 26
Entes Muharrem 47229 Krupp- 2
Entrich Emma 47167 Rückert- 50
– Hartmut 47226 Atroper- 39
Entrop Helene 47198 Eichen- 2
Enzenbach Doris
47249 Sittardsberger Allee 51
– Holger 47249 Sittardsberger Allee 51
– Manfred 47249 Steiermark- 28
Enzi Monika-Ute 47059 Wiemens- 39
Enzmann Jürgen
47138 In den Groonlanden 20
Enzweiler Monika
47169 Röttgersbach- 67
– Rainer 47166 Hottelmann- 20
– Rainer 47169 Herrenwiese 8
Epding Britta
47167 Am Tellmannshof 11
– Helmut 47249 Konstanzer- 25
– Ida 47167 Garten- 72
– Marianne 47249 Konstanzer- 25
– Martin 47137 Gerhard- 26
– Olaf 47228 In den Peschen 140
– Theresia 47055 Lotterfer- 25
– Uwe 47167 Einhard- 7
Epding-Mehring Axel
47169 Schöcker- 208
Epe Karl 47166 Duisburger- 192
– Kirsten 47166 Duisburger- 192
Epheser Brigitta 47119 Rheinallee 3
Epka Josef 47249 Dahl- 32
– Margret 47249 Dahl- 32
Eple Margit 47198 Friedrich-Ebert- 76
– Wolfgang 47178 Kaiser- 94
Epp Alexander
47269 Altenbrucher Damm 148
– Alexander 47137 Regenberga- 29
– Emma 47167 Kaiser-Friedrich- 212
– Eugen 47198 Otto- 77
– Heinz-Joseph 47239 Harweg 10
– Helene 47139 Hein- 11
– Irina 47269 Altenbrucher Damm 148
– Kornelius
47167 Kaiser-Friedrich- 212
– Lydia 47169 Sand- 24
– Maria 47198 Otto- 72
– Nina 47137 Regenberga- 29
– Sergej 47198 Einen- 16
– Tanja 47055 Hochfeld- 80
Eppendorfer Johanna
47057 Kolonie- 148
Eppenstein Josef 47058 Moltke- 86
Epper Horst 47249 Arlberger- 1
– Jörg 47249 Großenbaumer Allee 301
– Markus 47269 Lanwehrzeg 23
– Peter 47269 Buscher- 35
Eppers Barbara 47055 Flieder- 38
– Christian 47055 Adler- 41
– Karin 47055 Erlen- 88
– Klaus 47055 Adler- 34
– Rüdiger 47055 Adler- 34
Eppert Angelika 47198 Paß- 40
– Else 47228 Steinacker 22
– Hildegard 47198 Paß- 40
– Horst 47228 Steinacker 22
– Wolfgang 47279 Wörth- 67
– Martin 47198 Paß- 40
Epping Angelika
47138 Emmericher- 98
– Marianne 47178 Bahnhof- 39
Eppler Wolfgang 47053 Fröbel- 38
Epskamp Anne 47138 Kanal- 10
– Christa 47057 Graben- 123
Einwohner Namen-Teil
A-DU	Firmen, Gewerbebetriebe usw. nach Namen – siehe gelber Teil
